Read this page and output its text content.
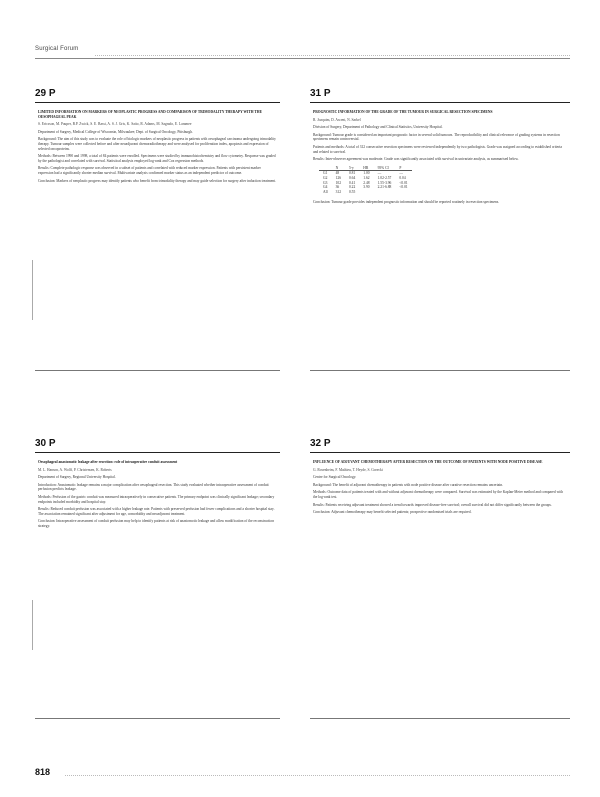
Surgical Forum
29 P

LIMITED INFORMATION ON MARKERS OF NEOPLASTIC PROGRESS AND COMPARISON OF TRIMODALITY THERAPY WITH THE OESOPHAGEAL PEAK

S. Ericsson, M. Pauper, B.P. Zwick, S. E. Bassi, A. S. J. Gris, K. Saito, R. Adams, M. Sagrado, E. Laramee

Department of Surgery, Medical College of Wisconsin, Milwaukee; Dept. of Surgical Oncology, Pittsburgh.

Background: The aim of this study was to evaluate the role of biologic markers of neoplastic progress in patients with oesophageal carcinoma undergoing trimodality therapy. Tumour samples were collected before and after neoadjuvant chemoradiotherapy and were analysed for proliferation index, apoptosis and expression of selected oncoproteins.

Methods: Between 1990 and 1998, a total of 84 patients were enrolled. Specimens were studied by immunohistochemistry and flow cytometry. Response was graded by the pathologist and correlated with survival. Statistical analysis employed log-rank and Cox regression methods.

Results: Complete pathologic response was observed in a subset of patients and correlated with reduced marker expression. Patients with persistent marker expression had a significantly shorter median survival. Multivariate analysis confirmed marker status as an independent predictor of outcome.

Conclusion: Markers of neoplastic progress may identify patients who benefit from trimodality therapy and may guide selection for surgery after induction treatment.

31 P

PROGNOSTIC INFORMATION OF THE GRADE OF THE TUMOUR IN SURGICAL RESECTION SPECIMENS

R. Joaquim, D. Ascent, N. Sarkel

Division of Surgery, Department of Pathology and Clinical Statistics, University Hospital.

Background: Tumour grade is considered an important prognostic factor in several solid tumours. The reproducibility and clinical relevance of grading systems in resection specimens remain controversial.

Patients and methods: A total of 312 consecutive resection specimens were reviewed independently by two pathologists. Grade was assigned according to established criteria and related to survival.

Results: Inter-observer agreement was moderate. Grade was significantly associated with survival in univariate analysis, as summarised below.

	N	5-y	HR	95% CI	P
G1	48	0.81	1.00	—	—
G2	126	0.64	1.62	1.02-2.57	0.04
G3	102	0.41	2.48	1.55-3.96	<0.01
G4	36	0.22	3.90	2.21-6.88	<0.01
All	312	0.55			

Conclusion: Tumour grade provides independent prognostic information and should be reported routinely in resection specimens.

30 P

Oesophageal anastomotic leakage after resection: role of intraoperative conduit assessment

M. L. Hanson, A. Wolff, P. Christensen, K. Roberts

Department of Surgery, Regional University Hospital.

Introduction: Anastomotic leakage remains a major complication after oesophageal resection. This study evaluated whether intraoperative assessment of conduit perfusion predicts leakage.

Methods: Perfusion of the gastric conduit was measured intraoperatively in consecutive patients. The primary endpoint was clinically significant leakage; secondary endpoints included morbidity and hospital stay.

Results: Reduced conduit perfusion was associated with a higher leakage rate. Patients with preserved perfusion had fewer complications and a shorter hospital stay. The association remained significant after adjustment for age, comorbidity and neoadjuvant treatment.

Conclusion: Intraoperative assessment of conduit perfusion may help to identify patients at risk of anastomotic leakage and allow modification of the reconstruction strategy.

32 P

INFLUENCE OF ADJUVANT CHEMOTHERAPY AFTER RESECTION ON THE OUTCOME OF PATIENTS WITH NODE POSITIVE DISEASE

G. Rosenheim, F. Mathieu, T. Heyde, S. Gorecki

Centre for Surgical Oncology.

Background: The benefit of adjuvant chemotherapy in patients with node positive disease after curative resection remains uncertain.

Methods: Outcome data of patients treated with and without adjuvant chemotherapy were compared. Survival was estimated by the Kaplan-Meier method and compared with the log-rank test.

Results: Patients receiving adjuvant treatment showed a trend towards improved disease-free survival; overall survival did not differ significantly between the groups.

Conclusion: Adjuvant chemotherapy may benefit selected patients; prospective randomised trials are required.

818
